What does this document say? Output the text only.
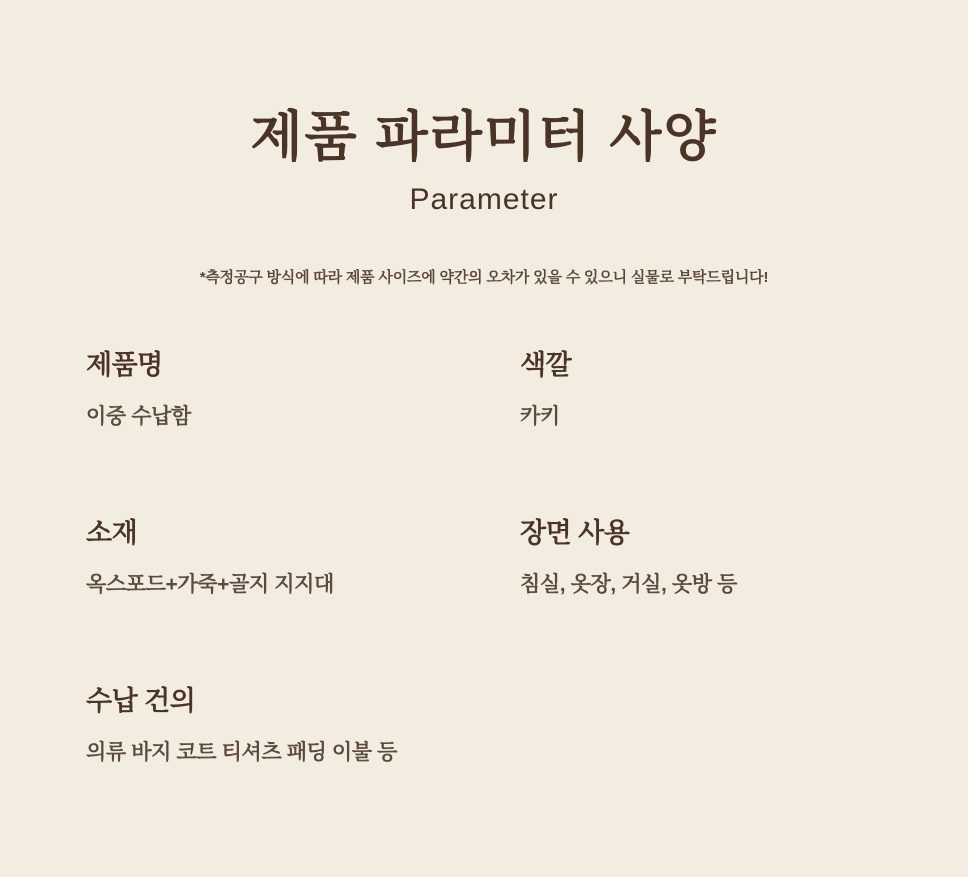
제품 파라미터 사양
Parameter

*측정공구 방식에 따라 제품 사이즈에 약간의 오차가 있을 수 있으니 실물로 부탁드립니다!

제품명

이중 수납함

색깔

카키

소재

옥스포드+가죽+골지 지지대

장면 사용

침실, 옷장, 거실, 옷방 등

수납 건의

의류 바지 코트 티셔츠 패딩 이불 등
